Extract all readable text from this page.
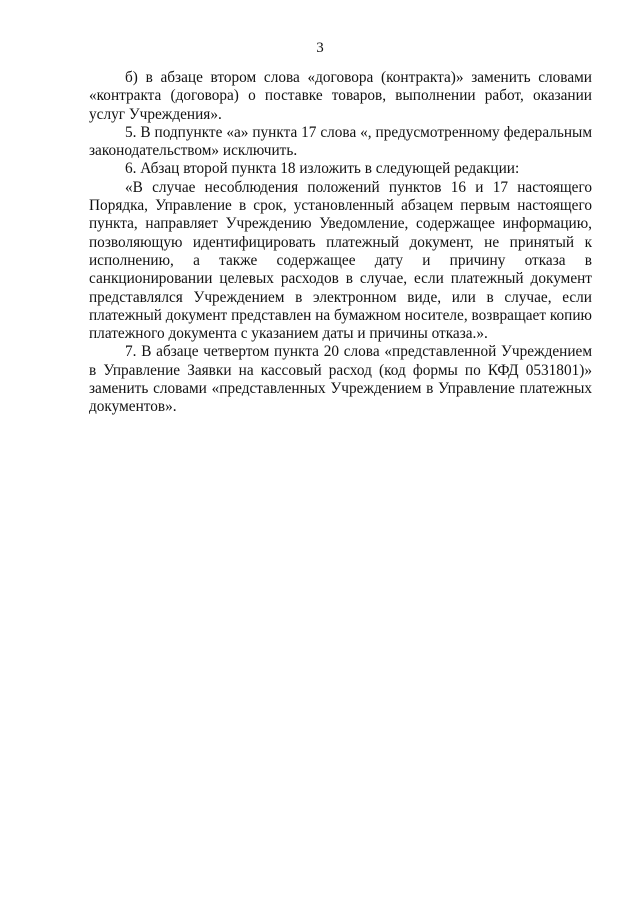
3

б) в абзаце втором слова «договора (контракта)» заменить словами «контракта (договора) о поставке товаров, выполнении работ, оказании услуг Учреждения».

5. В подпункте «а» пункта 17 слова «, предусмотренному федеральным законодательством» исключить.

6. Абзац второй пункта 18 изложить в следующей редакции:

«В случае несоблюдения положений пунктов 16 и 17 настоящего Порядка, Управление в срок, установленный абзацем первым настоящего пункта, направляет Учреждению Уведомление, содержащее информацию, позволяющую идентифицировать платежный документ, не принятый к исполнению, а также содержащее дату и причину отказа в санкционировании целевых расходов в случае, если платежный документ представлялся Учреждением в электронном виде, или в случае, если платежный документ представлен на бумажном носителе, возвращает копию платежного документа с указанием даты и причины отказа.».

7. В абзаце четвертом пункта 20 слова «представленной Учреждением в Управление Заявки на кассовый расход (код формы по КФД 0531801)» заменить словами «представленных Учреждением в Управление платежных документов».
